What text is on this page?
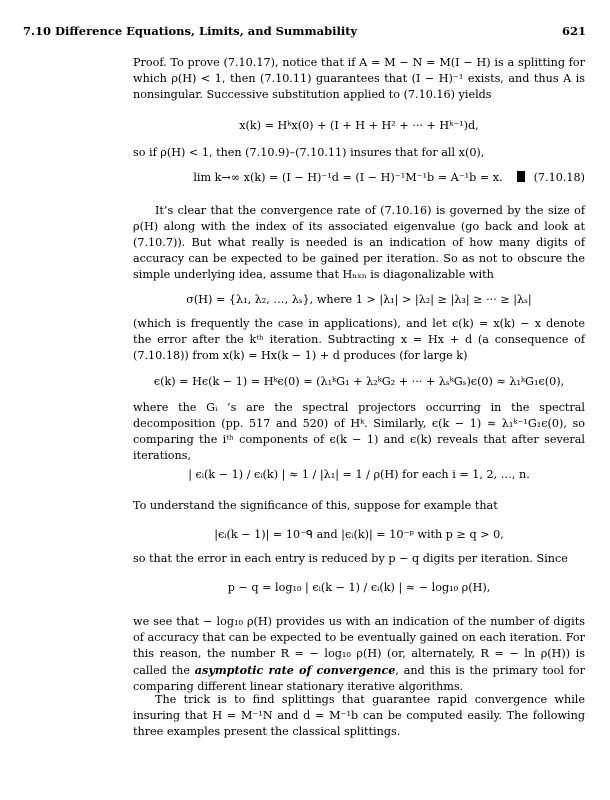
7.10 Difference Equations, Limits, and Summability	621
Proof. To prove (7.10.17), notice that if A = M − N = M(I − H) is a splitting for which ρ(H) < 1, then (7.10.11) guarantees that (I − H)⁻¹ exists, and thus A is nonsingular. Successive substitution applied to (7.10.16) yields
x(k) = Hᵏx(0) + (I + H + H² + ··· + Hᵏ⁻¹)d,
so if ρ(H) < 1, then (7.10.9)–(7.10.11) insures that for all x(0),
lim k→∞ x(k) = (I − H)⁻¹d = (I − H)⁻¹M⁻¹b = A⁻¹b = x.	(7.10.18)
It’s clear that the convergence rate of (7.10.16) is governed by the size of ρ(H) along with the index of its associated eigenvalue (go back and look at (7.10.7)). But what really is needed is an indication of how many digits of accuracy can be expected to be gained per iteration. So as not to obscure the simple underlying idea, assume that Hₙₓₙ is diagonalizable with
σ(H) = {λ₁, λ₂, …, λₛ}, where 1 > |λ₁| > |λ₂| ≥ |λ₃| ≥ ··· ≥ |λₛ|
(which is frequently the case in applications), and let ϵ(k) = x(k) − x denote the error after the kᵗʰ iteration. Subtracting x = Hx + d (a consequence of (7.10.18)) from x(k) = Hx(k − 1) + d produces (for large k)
ϵ(k) = Hϵ(k − 1) = Hᵏϵ(0) = (λ₁ᵏG₁ + λ₂ᵏG₂ + ··· + λₛᵏGₛ)ϵ(0) ≈ λ₁ᵏG₁ϵ(0),
where the Gᵢ ’s are the spectral projectors occurring in the spectral decomposition (pp. 517 and 520) of Hᵏ. Similarly, ϵ(k − 1) ≈ λ₁ᵏ⁻¹G₁ϵ(0), so comparing the iᵗʰ components of ϵ(k − 1) and ϵ(k) reveals that after several iterations,
| ϵᵢ(k − 1) / ϵᵢ(k) | ≈ 1 / |λ₁| = 1 / ρ(H) for each i = 1, 2, …, n.
To understand the significance of this, suppose for example that
|ϵᵢ(k − 1)| = 10⁻ᑫ and |ϵᵢ(k)| = 10⁻ᵖ with p ≥ q > 0,
so that the error in each entry is reduced by p − q digits per iteration. Since
p − q = log₁₀ | ϵᵢ(k − 1) / ϵᵢ(k) | ≈ − log₁₀ ρ(H),
we see that − log₁₀ ρ(H) provides us with an indication of the number of digits of accuracy that can be expected to be eventually gained on each iteration. For this reason, the number R = − log₁₀ ρ(H) (or, alternately, R = − ln ρ(H)) is called the asymptotic rate of convergence, and this is the primary tool for comparing different linear stationary iterative algorithms.
The trick is to find splittings that guarantee rapid convergence while insuring that H = M⁻¹N and d = M⁻¹b can be computed easily. The following three examples present the classical splittings.
